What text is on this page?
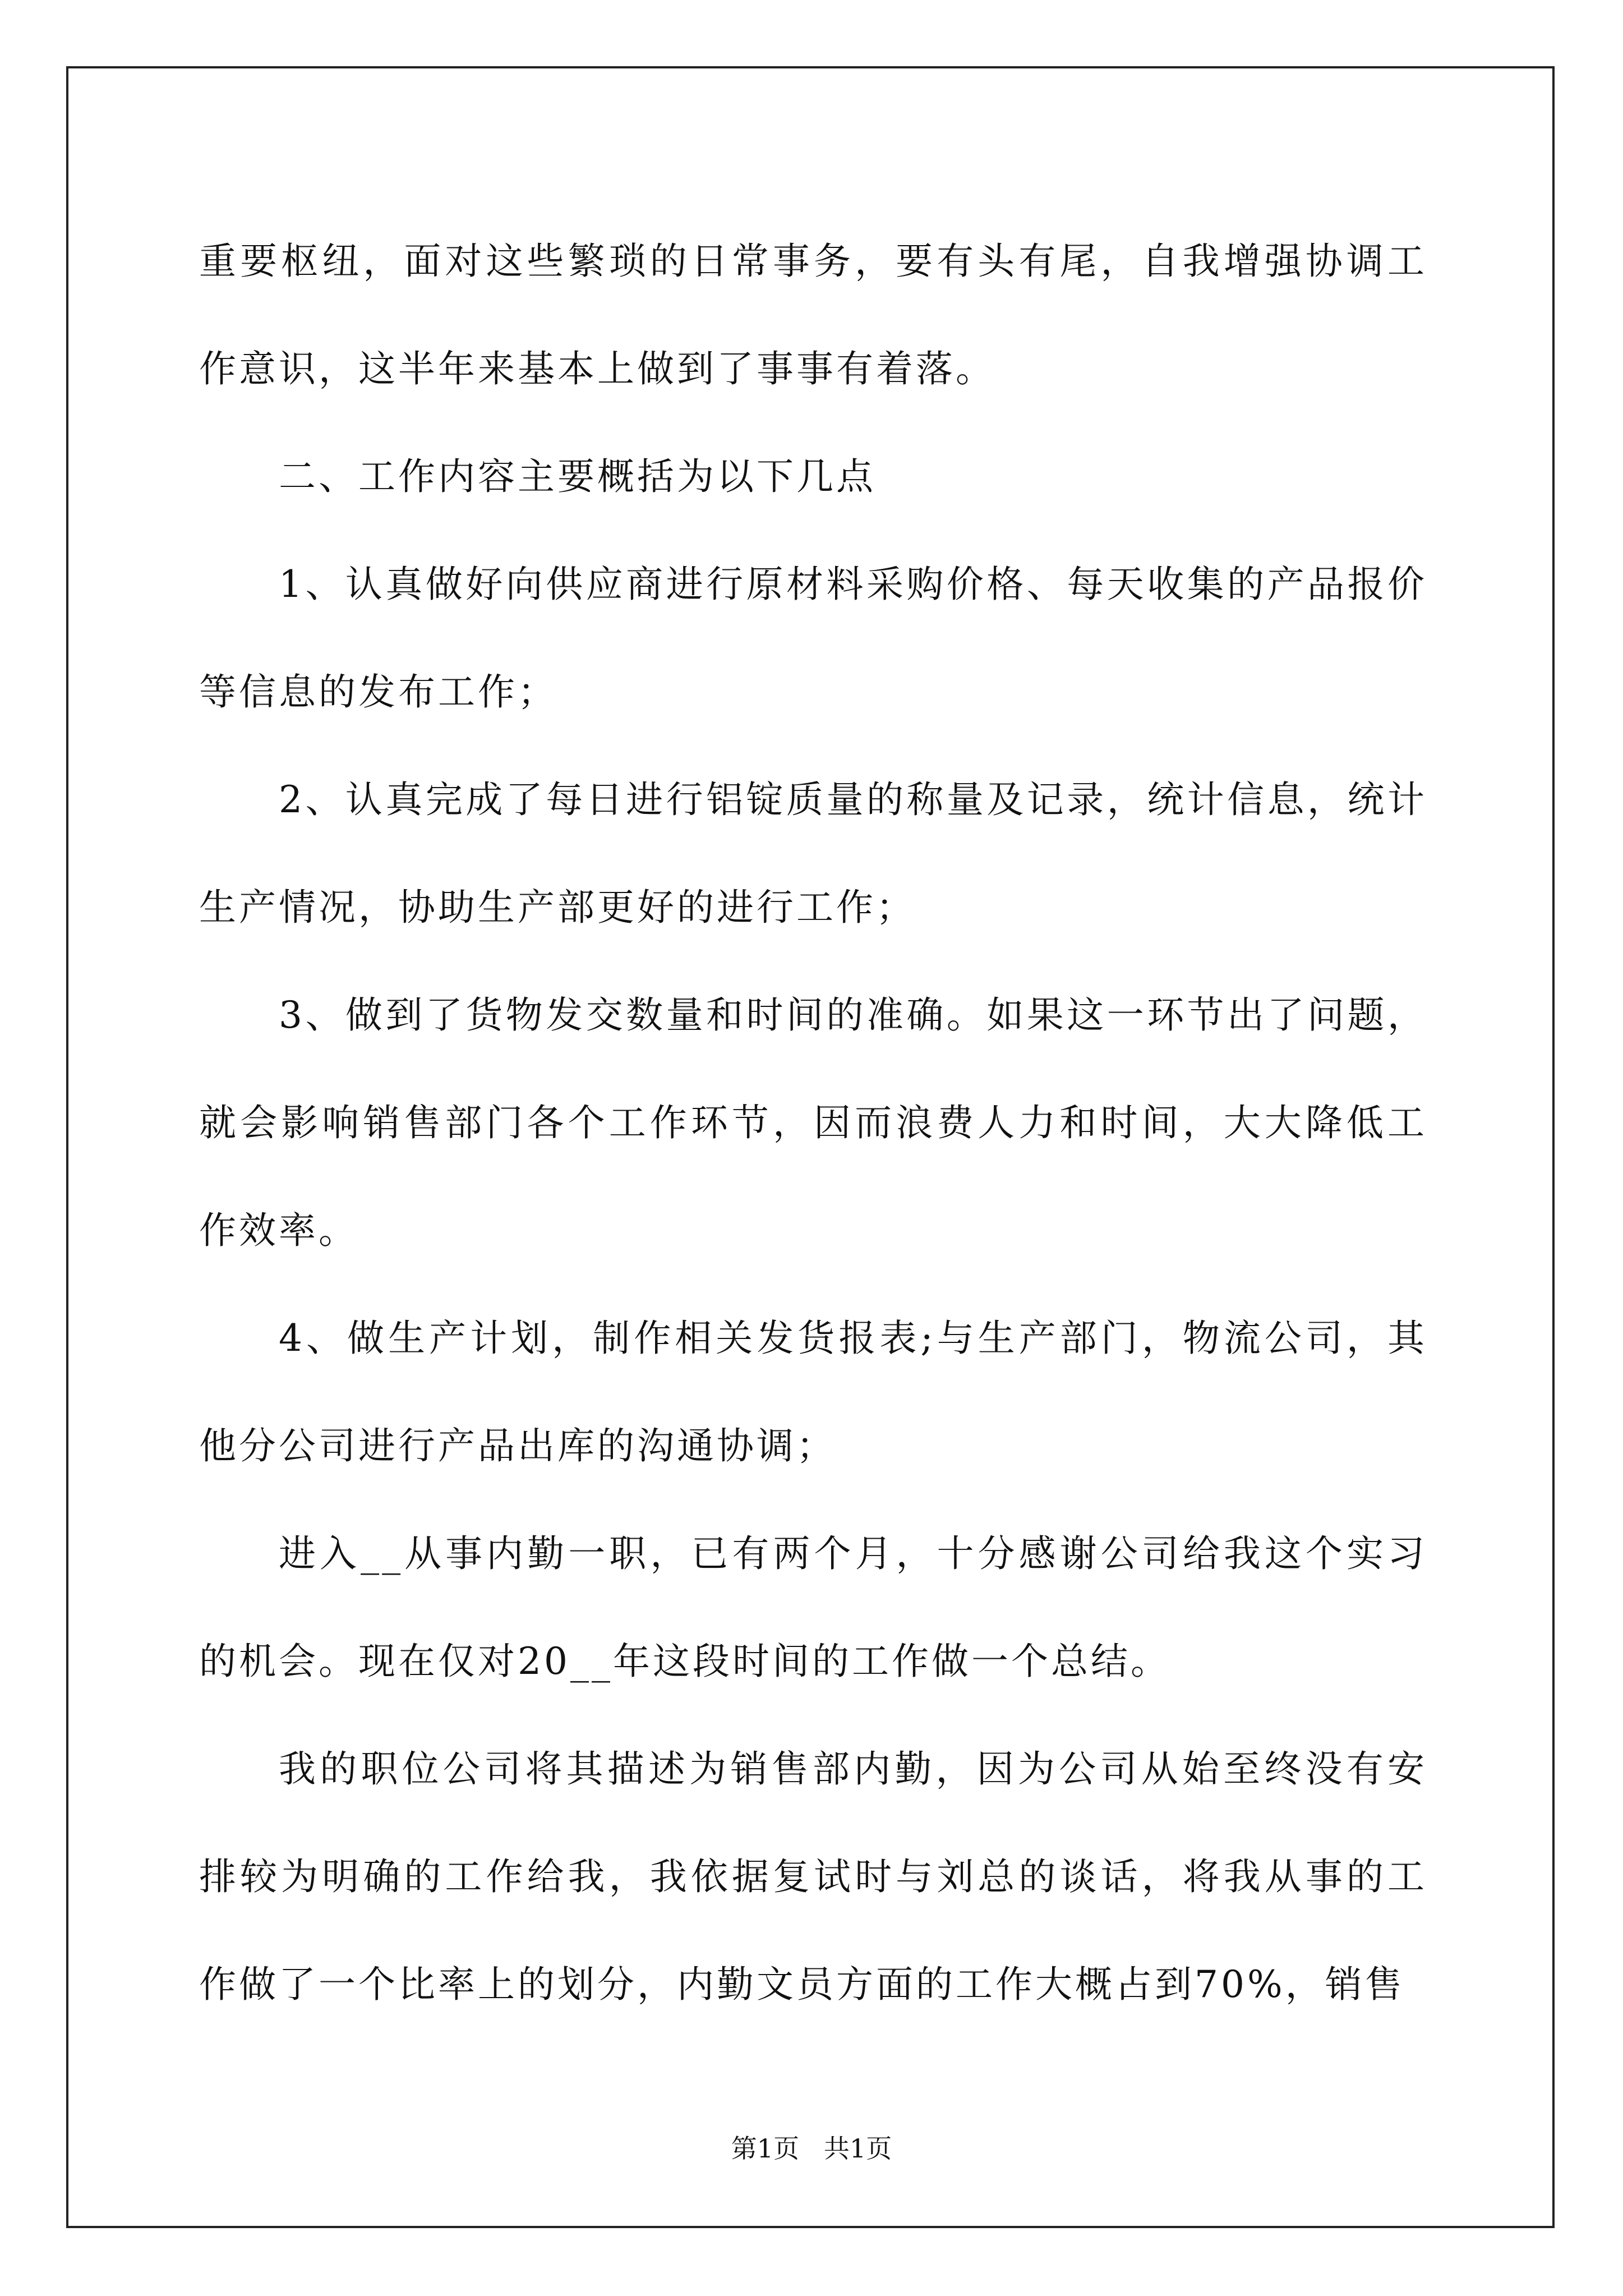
重要枢纽，面对这些繁琐的日常事务，要有头有尾，自我增强协调工作意识，这半年来基本上做到了事事有着落。

二、工作内容主要概括为以下几点

1、认真做好向供应商进行原材料采购价格、每天收集的产品报价等信息的发布工作；

2、认真完成了每日进行铝锭质量的称量及记录，统计信息，统计生产情况，协助生产部更好的进行工作；

3、做到了货物发交数量和时间的准确。如果这一环节出了问题，就会影响销售部门各个工作环节，因而浪费人力和时间，大大降低工作效率。

4、做生产计划，制作相关发货报表;与生产部门，物流公司，其他分公司进行产品出库的沟通协调；

进入__从事内勤一职，已有两个月，十分感谢公司给我这个实习的机会。现在仅对20__年这段时间的工作做一个总结。

我的职位公司将其描述为销售部内勤，因为公司从始至终没有安排较为明确的工作给我，我依据复试时与刘总的谈话，将我从事的工作做了一个比率上的划分，内勤文员方面的工作大概占到70%，销售

第1页   共1页
